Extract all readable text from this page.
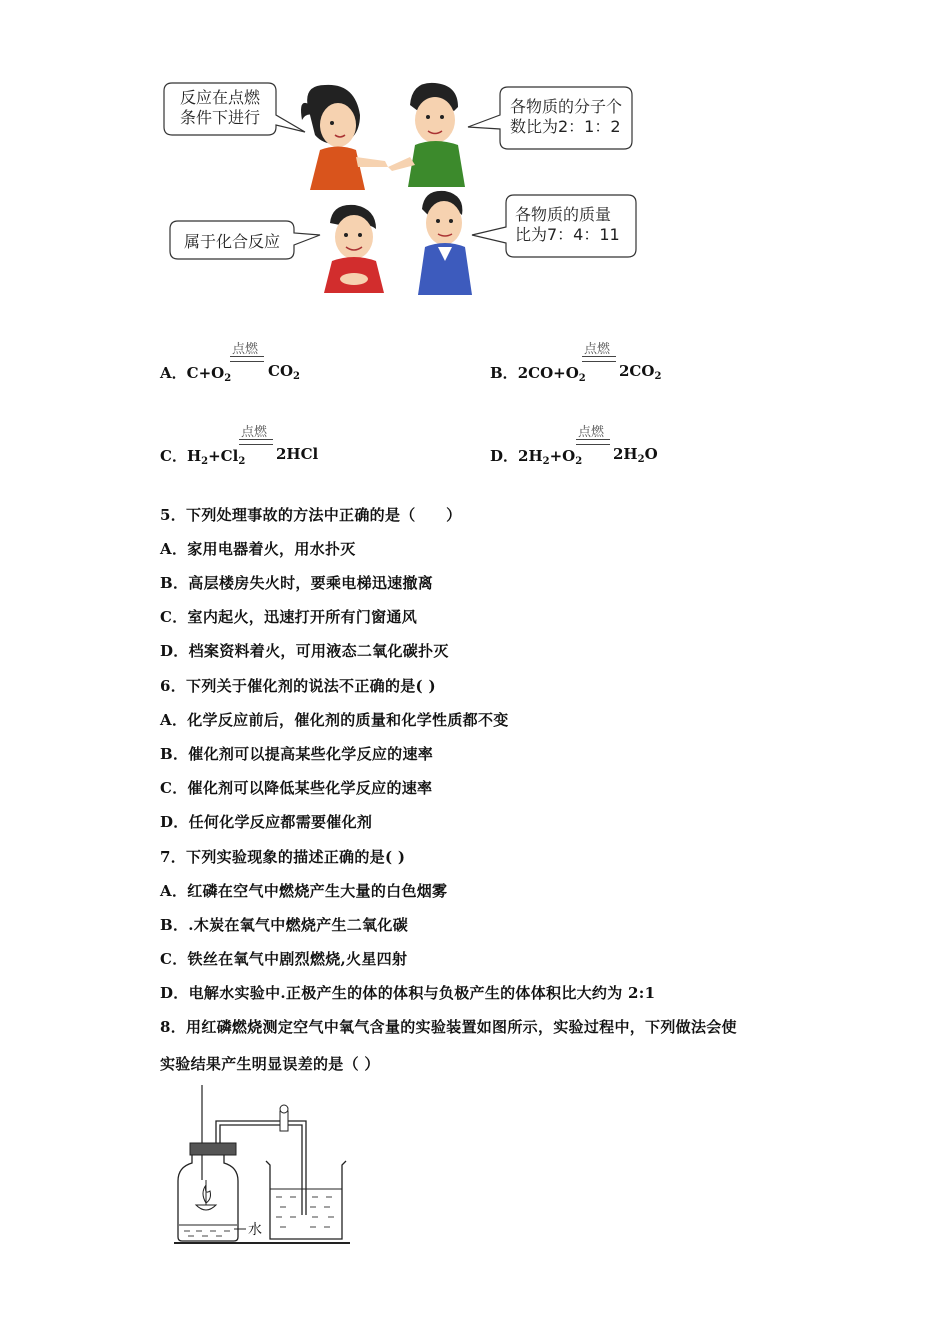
反应在点燃
条件下进行
各物质的分子个
数比为2：1：2
属于化合反应
各物质的质量
比为7：4：11
A．$C+O_2$
点燃
$CO_2$	B．$2CO+O_2$
点燃
$2CO_2$
C．$H_2+Cl_2$
点燃
2HCl	D．$2H_2+O_2$
点燃
$2H_2O$
5．下列处理事故的方法中正确的是（　　）
A．家用电器着火，用水扑灭
B．高层楼房失火时，要乘电梯迅速撤离
C．室内起火，迅速打开所有门窗通风
D．档案资料着火，可用液态二氧化碳扑灭
6．下列关于催化剂的说法不正确的是( )
A．化学反应前后，催化剂的质量和化学性质都不变
B．催化剂可以提高某些化学反应的速率
C．催化剂可以降低某些化学反应的速率
D．任何化学反应都需要催化剂
7．下列实验现象的描述正确的是( )
A．红磷在空气中燃烧产生大量的白色烟雾
B．.木炭在氧气中燃烧产生二氧化碳
C．铁丝在氧气中剧烈燃烧,火星四射
D．电解水实验中.正极产生的体的体积与负极产生的体体积比大约为 2:1
8．用红磷燃烧测定空气中氧气含量的实验装置如图所示，实验过程中，下列做法会使
实验结果产生明显误差的是（ ）
水
